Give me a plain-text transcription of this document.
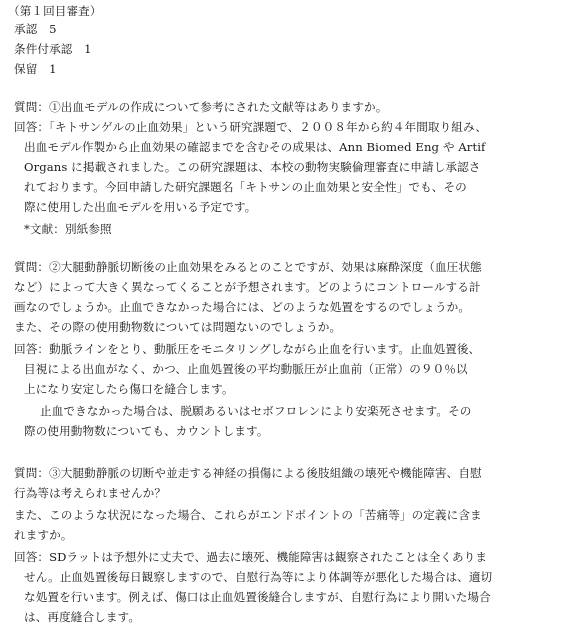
（第１回目審査）
承認　5
条件付承認　1
保留　1
質問：①出血モデルの作成について参考にされた文献等はありますか。
回答：「キトサンゲルの止血効果」という研究課題で、２００８年から約４年間取り組み、
出血モデル作製から止血効果の確認までを含むその成果は、Ann Biomed Eng や Artif
Organs に掲載されました。この研究課題は、本校の動物実験倫理審査に申請し承認さ
れております。今回申請した研究課題名「キトサンの止血効果と安全性」でも、その
際に使用した出血モデルを用いる予定です。
*文献：別紙参照
質問：②大腿動静脈切断後の止血効果をみるとのことですが、効果は麻酔深度（血圧状態
など）によって大きく異なってくることが予想されます。どのようにコントロールする計
画なのでしょうか。止血できなかった場合には、どのような処置をするのでしょうか。
また、その際の使用動物数については問題ないのでしょうか。
回答：動脈ラインをとり、動脈圧をモニタリングしながら止血を行います。止血処置後、
目視による出血がなく、かつ、止血処置後の平均動脈圧が止血前（正常）の９０％以
上になり安定したら傷口を縫合します。
止血できなかった場合は、脱願あるいはセボフロレンにより安楽死させます。その
際の使用動物数についても、カウントします。
質問：③大腿動静脈の切断や並走する神経の損傷による後肢組織の壊死や機能障害、自慰
行為等は考えられませんか？
また、このような状況になった場合、これらがエンドポイントの「苦痛等」の定義に含ま
れますか。
回答：SDラットは予想外に丈夫で、過去に壊死、機能障害は観察されたことは全くありま
せん。止血処置後毎日観察しますので、自慰行為等により体調等が悪化した場合は、適切
な処置を行います。例えば、傷口は止血処置後縫合しますが、自慰行為により開いた場合
は、再度縫合します。
